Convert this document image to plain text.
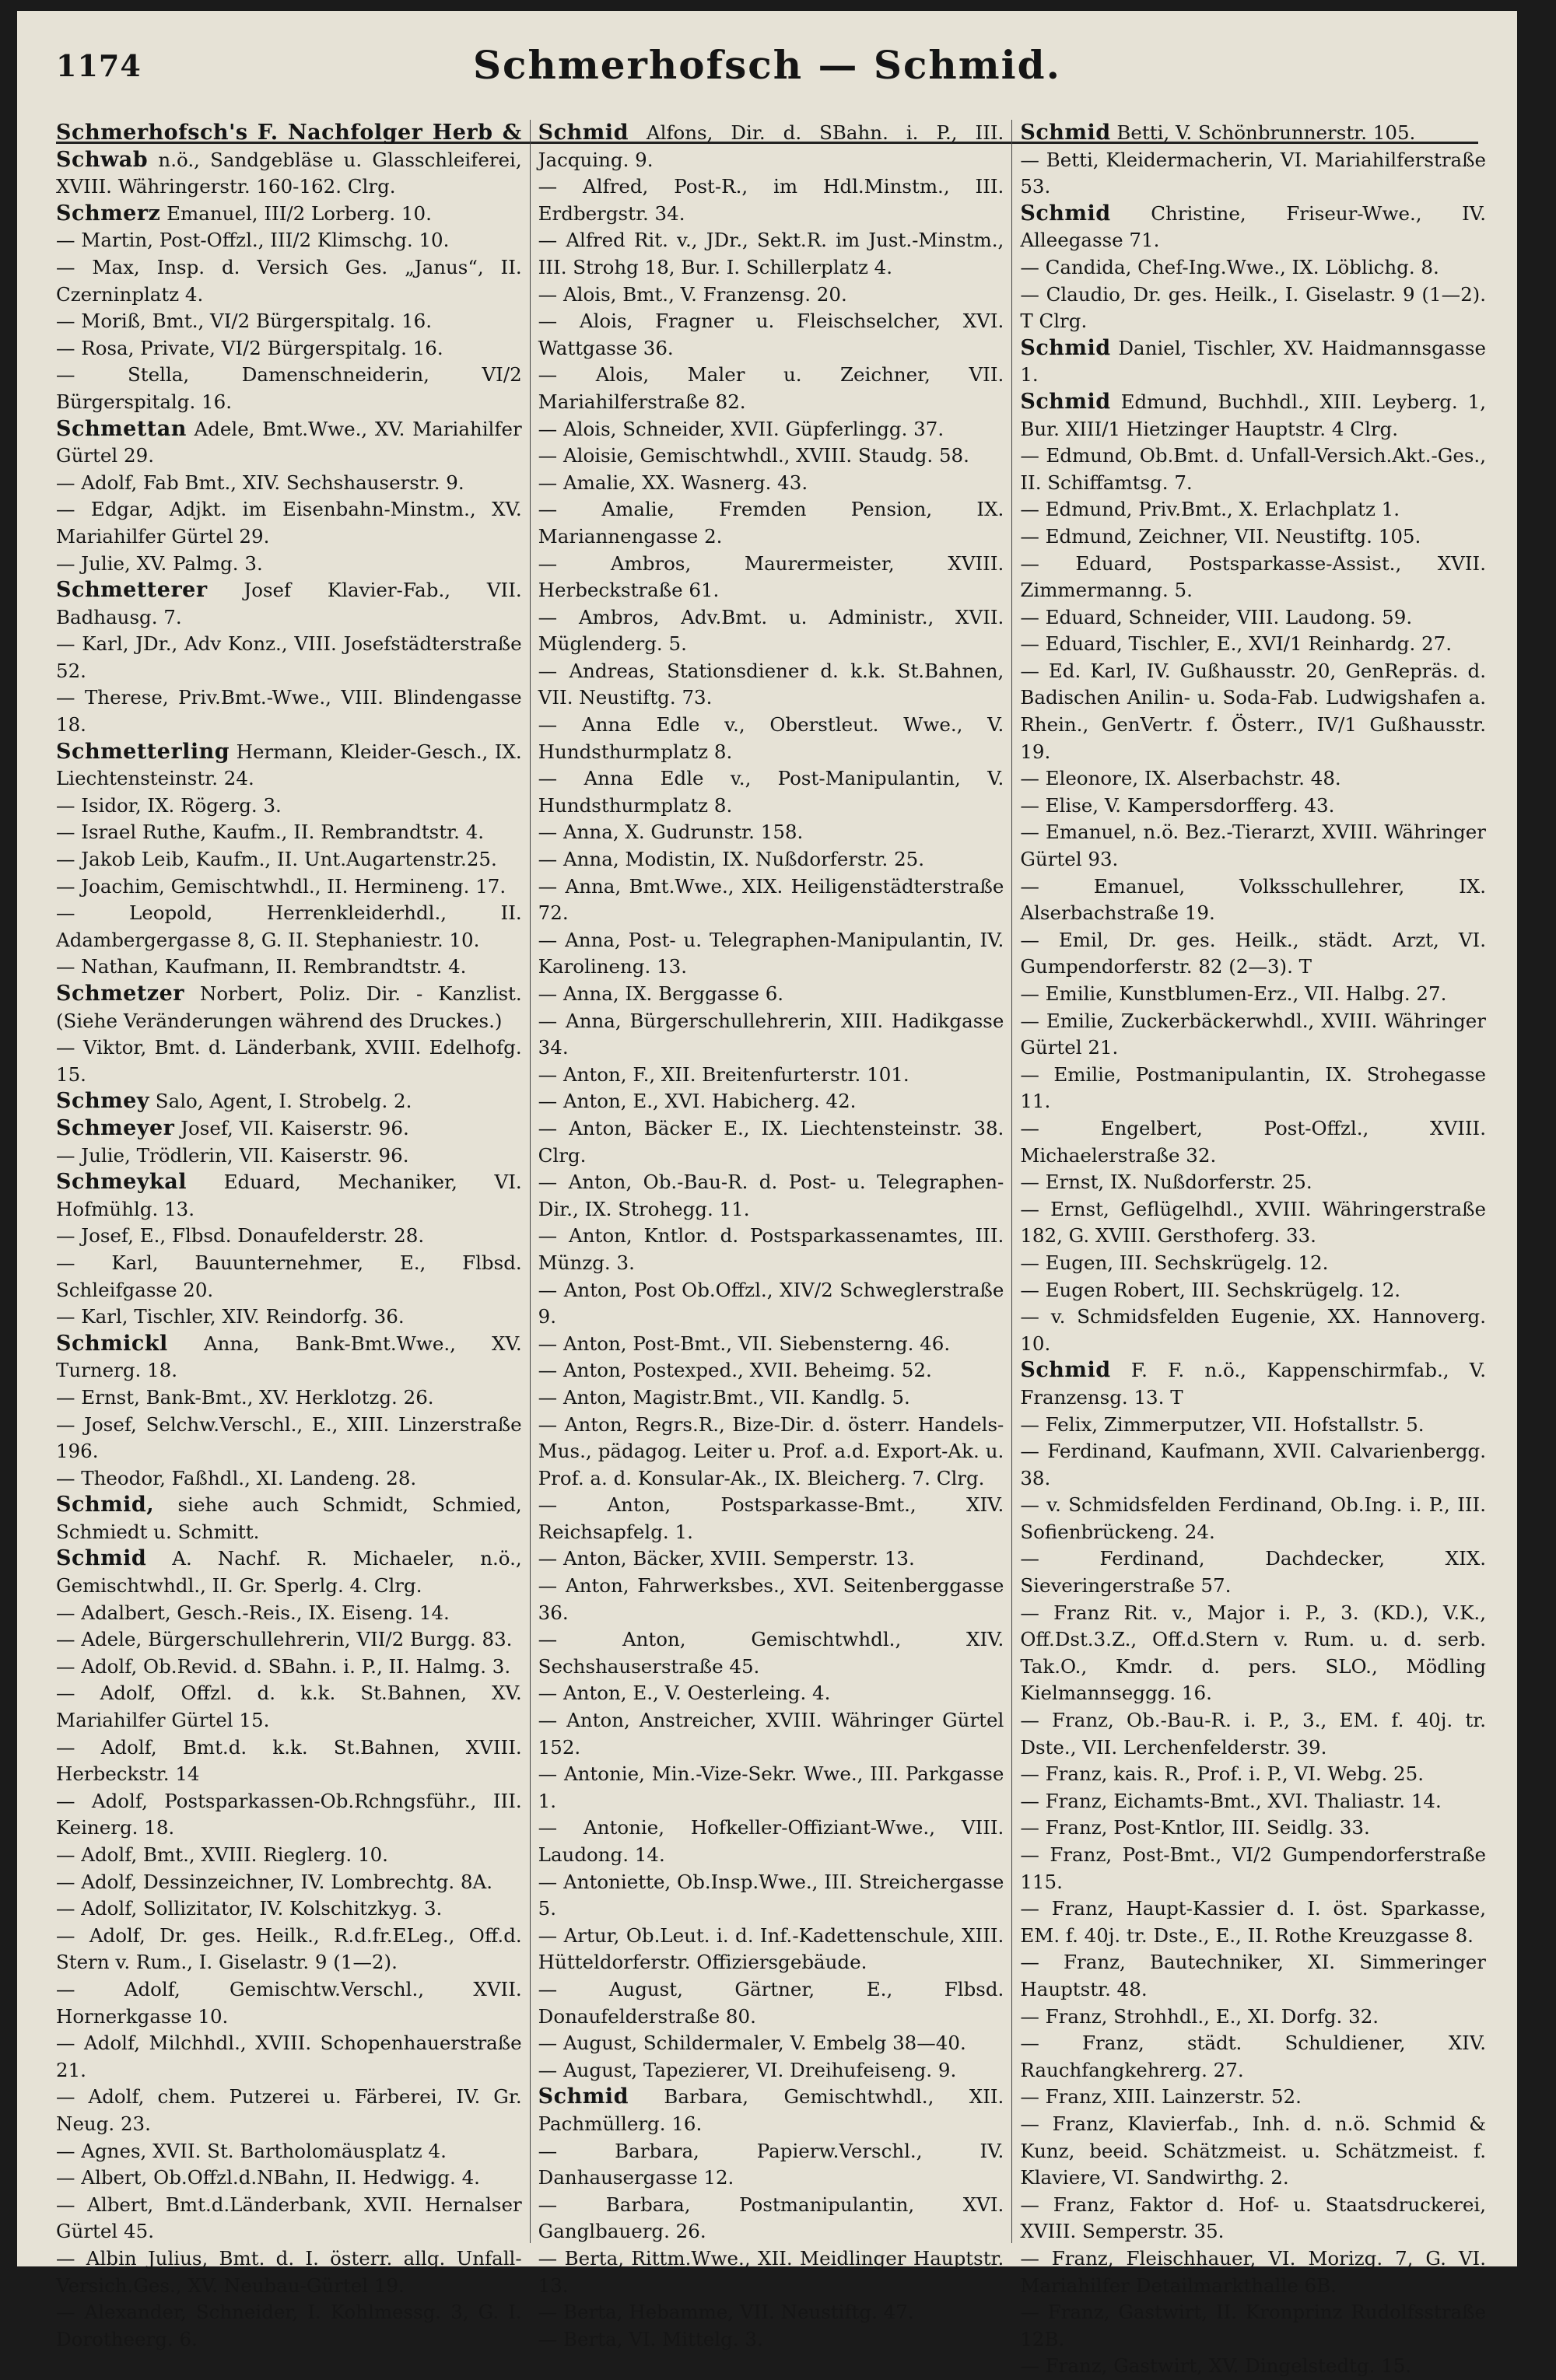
1174	Schmerhofsch — Schmid.

Schmerhofsch's F. Nachfolger Herb & Schwab n.ö., Sandgebläse u. Glasschleiferei, XVIII. Währingerstr. 160-162. Clrg.

Schmerz Emanuel, III/2 Lorberg. 10.

— Martin, Post-Offzl., III/2 Klimschg. 10.

— Max, Insp. d. Versich Ges. „Janus“, II. Czerninplatz 4.

— Moriß, Bmt., VI/2 Bürgerspitalg. 16.

— Rosa, Private, VI/2 Bürgerspitalg. 16.

— Stella, Damenschneiderin, VI/2 Bürgerspitalg. 16.

Schmettan Adele, Bmt.Wwe., XV. Mariahilfer Gürtel 29.

— Adolf, Fab Bmt., XIV. Sechshauserstr. 9.

— Edgar, Adjkt. im Eisenbahn-Minstm., XV. Mariahilfer Gürtel 29.

— Julie, XV. Palmg. 3.

Schmetterer Josef Klavier-Fab., VII. Badhausg. 7.

— Karl, JDr., Adv Konz., VIII. Josefstädterstraße 52.

— Therese, Priv.Bmt.-Wwe., VIII. Blindengasse 18.

Schmetterling Hermann, Kleider-Gesch., IX. Liechtensteinstr. 24.

— Isidor, IX. Rögerg. 3.

— Israel Ruthe, Kaufm., II. Rembrandtstr. 4.

— Jakob Leib, Kaufm., II. Unt.Augartenstr.25.

— Joachim, Gemischtwhdl., II. Hermineng. 17.

— Leopold, Herrenkleiderhdl., II. Adambergergasse 8, G. II. Stephaniestr. 10.

— Nathan, Kaufmann, II. Rembrandtstr. 4.

Schmetzer Norbert, Poliz. Dir. - Kanzlist. (Siehe Veränderungen während des Druckes.)

— Viktor, Bmt. d. Länderbank, XVIII. Edelhofg. 15.

Schmey Salo, Agent, I. Strobelg. 2.

Schmeyer Josef, VII. Kaiserstr. 96.

— Julie, Trödlerin, VII. Kaiserstr. 96.

Schmeykal Eduard, Mechaniker, VI. Hofmühlg. 13.

— Josef, E., Flbsd. Donaufelderstr. 28.

— Karl, Bauunternehmer, E., Flbsd. Schleifgasse 20.

— Karl, Tischler, XIV. Reindorfg. 36.

Schmickl Anna, Bank-Bmt.Wwe., XV. Turnerg. 18.

— Ernst, Bank-Bmt., XV. Herklotzg. 26.

— Josef, Selchw.Verschl., E., XIII. Linzerstraße 196.

— Theodor, Faßhdl., XI. Landeng. 28.

Schmid, siehe auch Schmidt, Schmied, Schmiedt u. Schmitt.

Schmid A. Nachf. R. Michaeler, n.ö., Gemischtwhdl., II. Gr. Sperlg. 4. Clrg.

— Adalbert, Gesch.-Reis., IX. Eiseng. 14.

— Adele, Bürgerschullehrerin, VII/2 Burgg. 83.

— Adolf, Ob.Revid. d. SBahn. i. P., II. Halmg. 3.

— Adolf, Offzl. d. k.k. St.Bahnen, XV. Mariahilfer Gürtel 15.

— Adolf, Bmt.d. k.k. St.Bahnen, XVIII. Herbeckstr. 14

— Adolf, Postsparkassen-Ob.Rchngsführ., III. Keinerg. 18.

— Adolf, Bmt., XVIII. Rieglerg. 10.

— Adolf, Dessinzeichner, IV. Lombrechtg. 8A.

— Adolf, Sollizitator, IV. Kolschitzkyg. 3.

— Adolf, Dr. ges. Heilk., R.d.fr.ELeg., Off.d. Stern v. Rum., I. Giselastr. 9 (1—2).

— Adolf, Gemischtw.Verschl., XVII. Hornerkgasse 10.

— Adolf, Milchhdl., XVIII. Schopenhauerstraße 21.

— Adolf, chem. Putzerei u. Färberei, IV. Gr. Neug. 23.

— Agnes, XVII. St. Bartholomäusplatz 4.

— Albert, Ob.Offzl.d.NBahn, II. Hedwigg. 4.

— Albert, Bmt.d.Länderbank, XVII. Hernalser Gürtel 45.

— Albin Julius, Bmt. d. I. österr. allg. Unfall-Versich.Ges., XV. Neubau-Gürtel 19.

— Alexander, Schneider, I. Kohlmessg. 3, G. I. Dorotheerg. 6.

Schmid Alfons, Dir. d. SBahn. i. P., III. Jacquing. 9.

— Alfred, Post-R., im Hdl.Minstm., III. Erdbergstr. 34.

— Alfred Rit. v., JDr., Sekt.R. im Just.-Minstm., III. Strohg 18, Bur. I. Schillerplatz 4.

— Alois, Bmt., V. Franzensg. 20.

— Alois, Fragner u. Fleischselcher, XVI. Wattgasse 36.

— Alois, Maler u. Zeichner, VII. Mariahilferstraße 82.

— Alois, Schneider, XVII. Güpferlingg. 37.

— Aloisie, Gemischtwhdl., XVIII. Staudg. 58.

— Amalie, XX. Wasnerg. 43.

— Amalie, Fremden Pension, IX. Mariannengasse 2.

— Ambros, Maurermeister, XVIII. Herbeckstraße 61.

— Ambros, Adv.Bmt. u. Administr., XVII. Müglenderg. 5.

— Andreas, Stationsdiener d. k.k. St.Bahnen, VII. Neustiftg. 73.

— Anna Edle v., Oberstleut. Wwe., V. Hundsthurmplatz 8.

— Anna Edle v., Post-Manipulantin, V. Hundsthurmplatz 8.

— Anna, X. Gudrunstr. 158.

— Anna, Modistin, IX. Nußdorferstr. 25.

— Anna, Bmt.Wwe., XIX. Heiligenstädterstraße 72.

— Anna, Post- u. Telegraphen-Manipulantin, IV. Karolineng. 13.

— Anna, IX. Berggasse 6.

— Anna, Bürgerschullehrerin, XIII. Hadikgasse 34.

— Anton, F., XII. Breitenfurterstr. 101.

— Anton, E., XVI. Habicherg. 42.

— Anton, Bäcker E., IX. Liechtensteinstr. 38. Clrg.

— Anton, Ob.-Bau-R. d. Post- u. Telegraphen-Dir., IX. Strohegg. 11.

— Anton, Kntlor. d. Postsparkassenamtes, III. Münzg. 3.

— Anton, Post Ob.Offzl., XIV/2 Schweglerstraße 9.

— Anton, Post-Bmt., VII. Siebensterng. 46.

— Anton, Postexped., XVII. Beheimg. 52.

— Anton, Magistr.Bmt., VII. Kandlg. 5.

— Anton, Regrs.R., Bize-Dir. d. österr. Handels-Mus., pädagog. Leiter u. Prof. a.d. Export-Ak. u. Prof. a. d. Konsular-Ak., IX. Bleicherg. 7. Clrg.

— Anton, Postsparkasse-Bmt., XIV. Reichsapfelg. 1.

— Anton, Bäcker, XVIII. Semperstr. 13.

— Anton, Fahrwerksbes., XVI. Seitenberggasse 36.

— Anton, Gemischtwhdl., XIV. Sechshauserstraße 45.

— Anton, E., V. Oesterleing. 4.

— Anton, Anstreicher, XVIII. Währinger Gürtel 152.

— Antonie, Min.-Vize-Sekr. Wwe., III. Parkgasse 1.

— Antonie, Hofkeller-Offiziant-Wwe., VIII. Laudong. 14.

— Antoniette, Ob.Insp.Wwe., III. Streichergasse 5.

— Artur, Ob.Leut. i. d. Inf.-Kadettenschule, XIII. Hütteldorferstr. Offiziersgebäude.

— August, Gärtner, E., Flbsd. Donaufelderstraße 80.

— August, Schildermaler, V. Embelg 38—40.

— August, Tapezierer, VI. Dreihufeiseng. 9.

Schmid Barbara, Gemischtwhdl., XII. Pachmüllerg. 16.

— Barbara, Papierw.Verschl., IV. Danhausergasse 12.

— Barbara, Postmanipulantin, XVI. Ganglbauerg. 26.

— Berta, Rittm.Wwe., XII. Meidlinger Hauptstr. 13.

— Berta, Hebamme, VII. Neustiftg. 47.

— Berta, VI. Mittelg. 3.

Schmid Betti, V. Schönbrunnerstr. 105.

— Betti, Kleidermacherin, VI. Mariahilferstraße 53.

Schmid Christine, Friseur-Wwe., IV. Alleegasse 71.

— Candida, Chef-Ing.Wwe., IX. Löblichg. 8.

— Claudio, Dr. ges. Heilk., I. Giselastr. 9 (1—2). T Clrg.

Schmid Daniel, Tischler, XV. Haidmannsgasse 1.

Schmid Edmund, Buchhdl., XIII. Leyberg. 1, Bur. XIII/1 Hietzinger Hauptstr. 4 Clrg.

— Edmund, Ob.Bmt. d. Unfall-Versich.Akt.-Ges., II. Schiffamtsg. 7.

— Edmund, Priv.Bmt., X. Erlachplatz 1.

— Edmund, Zeichner, VII. Neustiftg. 105.

— Eduard, Postsparkasse-Assist., XVII. Zimmermanng. 5.

— Eduard, Schneider, VIII. Laudong. 59.

— Eduard, Tischler, E., XVI/1 Reinhardg. 27.

— Ed. Karl, IV. Gußhausstr. 20, GenRepräs. d. Badischen Anilin- u. Soda-Fab. Ludwigshafen a. Rhein., GenVertr. f. Österr., IV/1 Gußhausstr. 19.

— Eleonore, IX. Alserbachstr. 48.

— Elise, V. Kampersdorfferg. 43.

— Emanuel, n.ö. Bez.-Tierarzt, XVIII. Währinger Gürtel 93.

— Emanuel, Volksschullehrer, IX. Alserbachstraße 19.

— Emil, Dr. ges. Heilk., städt. Arzt, VI. Gumpendorferstr. 82 (2—3). T

— Emilie, Kunstblumen-Erz., VII. Halbg. 27.

— Emilie, Zuckerbäckerwhdl., XVIII. Währinger Gürtel 21.

— Emilie, Postmanipulantin, IX. Strohegasse 11.

— Engelbert, Post-Offzl., XVIII. Michaelerstraße 32.

— Ernst, IX. Nußdorferstr. 25.

— Ernst, Geflügelhdl., XVIII. Währingerstraße 182, G. XVIII. Gersthoferg. 33.

— Eugen, III. Sechskrügelg. 12.

— Eugen Robert, III. Sechskrügelg. 12.

— v. Schmidsfelden Eugenie, XX. Hannoverg. 10.

Schmid F. F. n.ö., Kappenschirmfab., V. Franzensg. 13. T

— Felix, Zimmerputzer, VII. Hofstallstr. 5.

— Ferdinand, Kaufmann, XVII. Calvarienbergg. 38.

— v. Schmidsfelden Ferdinand, Ob.Ing. i. P., III. Sofienbrückeng. 24.

— Ferdinand, Dachdecker, XIX. Sieveringerstraße 57.

— Franz Rit. v., Major i. P., 3. (KD.), V.K., Off.Dst.3.Z., Off.d.Stern v. Rum. u. d. serb. Tak.O., Kmdr. d. pers. SLO., Mödling Kielmannseggg. 16.

— Franz, Ob.-Bau-R. i. P., 3., EM. f. 40j. tr. Dste., VII. Lerchenfelderstr. 39.

— Franz, kais. R., Prof. i. P., VI. Webg. 25.

— Franz, Eichamts-Bmt., XVI. Thaliastr. 14.

— Franz, Post-Kntlor, III. Seidlg. 33.

— Franz, Post-Bmt., VI/2 Gumpendorferstraße 115.

— Franz, Haupt-Kassier d. I. öst. Sparkasse, EM. f. 40j. tr. Dste., E., II. Rothe Kreuzgasse 8.

— Franz, Bautechniker, XI. Simmeringer Hauptstr. 48.

— Franz, Strohhdl., E., XI. Dorfg. 32.

— Franz, städt. Schuldiener, XIV. Rauchfangkehrerg. 27.

— Franz, XIII. Lainzerstr. 52.

— Franz, Klavierfab., Inh. d. n.ö. Schmid & Kunz, beeid. Schätzmeist. u. Schätzmeist. f. Klaviere, VI. Sandwirthg. 2.

— Franz, Faktor d. Hof- u. Staatsdruckerei, XVIII. Semperstr. 35.

— Franz, Fleischhauer, VI. Morizg. 7, G. VI. Mariahilfer Detailmarkthalle 6B.

— Franz, Gastwirt, II. Kronprinz Rudolfsstraße 12B.

— Franz, Gastwirt, XV. Dingelstedtg. 15.
